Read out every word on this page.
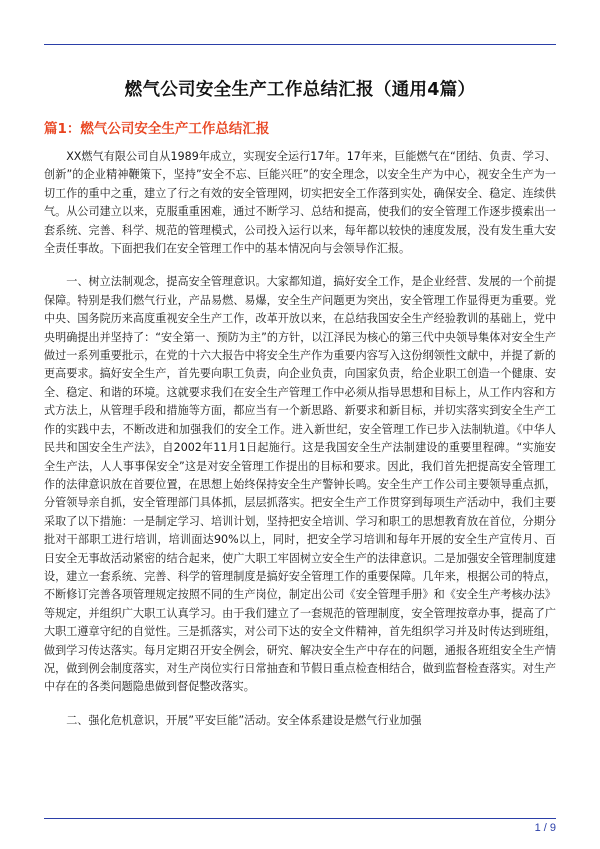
燃气公司安全生产工作总结汇报（通用4篇）
篇1：燃气公司安全生产工作总结汇报

XX燃气有限公司自从1989年成立，实现安全运行17年。17年来，巨能燃气在“团结、负责、学习、创新”的企业精神鞭策下，坚持”安全不忘、巨能兴旺”的安全理念，以安全生产为中心，视安全生产为一切工作的重中之重，建立了行之有效的安全管理网，切实把安全工作落到实处，确保安全、稳定、连续供气。从公司建立以来，克服重重困难，通过不断学习、总结和提高，使我们的安全管理工作逐步摸索出一套系统、完善、科学、规范的管理模式，公司投入运行以来，每年都以较快的速度发展，没有发生重大安全责任事故。下面把我们在安全管理工作中的基本情况向与会领导作汇报。

一、树立法制观念，提高安全管理意识。大家都知道，搞好安全工作，是企业经营、发展的一个前提保障。特别是我们燃气行业，产品易燃、易爆，安全生产问题更为突出，安全管理工作显得更为重要。党中央、国务院历来高度重视安全生产工作，改革开放以来，在总结我国安全生产经验教训的基础上，党中央明确提出并坚持了：“安全第一、预防为主”的方针，以江泽民为核心的第三代中央领导集体对安全生产做过一系列重要批示，在党的十六大报告中将安全生产作为重要内容写入这份纲领性文献中，并提了新的更高要求。搞好安全生产，首先要向职工负责，向企业负责，向国家负责，给企业职工创造一个健康、安全、稳定、和谐的环境。这就要求我们在安全生产管理工作中必须从指导思想和目标上，从工作内容和方式方法上，从管理手段和措施等方面，都应当有一个新思路、新要求和新目标，并切实落实到安全生产工作的实践中去，不断改进和加强我们的安全工作。进入新世纪，安全管理工作已步入法制轨道。《中华人民共和国安全生产法》，自2002年11月1日起施行。这是我国安全生产法制建设的重要里程碑。“实施安全生产法，人人事事保安全”这是对安全管理工作提出的目标和要求。因此，我们首先把提高安全管理工作的法律意识放在首要位置，在思想上始终保持安全生产警钟长鸣。安全生产工作公司主要领导重点抓，分管领导亲自抓，安全管理部门具体抓，层层抓落实。把安全生产工作贯穿到每项生产活动中，我们主要采取了以下措施：一是制定学习、培训计划，坚持把安全培训、学习和职工的思想教育放在首位，分期分批对干部职工进行培训，培训面达90%以上，同时，把安全学习培训和每年开展的安全生产宣传月、百日安全无事故活动紧密的结合起来，使广大职工牢固树立安全生产的法律意识。二是加强安全管理制度建设，建立一套系统、完善、科学的管理制度是搞好安全管理工作的重要保障。几年来，根据公司的特点，不断修订完善各项管理规定按照不同的生产岗位，制定出公司《安全管理手册》和《安全生产考核办法》等规定，并组织广大职工认真学习。由于我们建立了一套规范的管理制度，安全管理按章办事，提高了广大职工遵章守纪的自觉性。三是抓落实，对公司下达的安全文件精神，首先组织学习并及时传达到班组，做到学习传达落实。每月定期召开安全例会，研究、解决安全生产中存在的问题，通报各班组安全生产情况，做到例会制度落实，对生产岗位实行日常抽查和节假日重点检查相结合，做到监督检查落实。对生产中存在的各类问题隐患做到督促整改落实。

二、强化危机意识，开展”平安巨能”活动。安全体系建设是燃气行业加强

1 / 9
